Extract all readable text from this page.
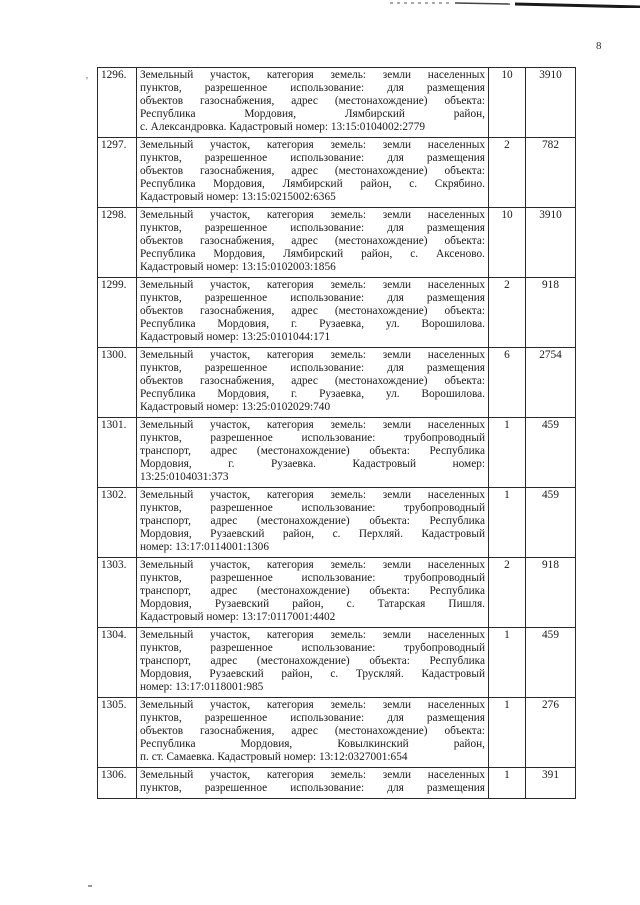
8
' 1296.	Земельный участок, категория земель: земли населенных
пунктов, разрешенное использование: для размещения
объектов газоснабжения, адрес (местонахождение) объекта:
Республика Мордовия, Лямбирский район,
с. Александровка. Кадастровый номер: 13:15:0104002:2779	10	3910
1297.	Земельный участок, категория земель: земли населенных
пунктов, разрешенное использование: для размещения
объектов газоснабжения, адрес (местонахождение) объекта:
Республика Мордовия, Лямбирский район, с. Скрябино.
Кадастровый номер: 13:15:0215002:6365	2	782
1298.	Земельный участок, категория земель: земли населенных
пунктов, разрешенное использование: для размещения
объектов газоснабжения, адрес (местонахождение) объекта:
Республика Мордовия, Лямбирский район, с. Аксеново.
Кадастровый номер: 13:15:0102003:1856	10	3910
1299.	Земельный участок, категория земель: земли населенных
пунктов, разрешенное использование: для размещения
объектов газоснабжения, адрес (местонахождение) объекта:
Республика Мордовия, г. Рузаевка, ул. Ворошилова.
Кадастровый номер: 13:25:0101044:171	2	918
1300.	Земельный участок, категория земель: земли населенных
пунктов, разрешенное использование: для размещения
объектов газоснабжения, адрес (местонахождение) объекта:
Республика Мордовия, г. Рузаевка, ул. Ворошилова.
Кадастровый номер: 13:25:0102029:740	6	2754
1301.	Земельный участок, категория земель: земли населенных
пунктов, разрешенное использование: трубопроводный
транспорт, адрес (местонахождение) объекта: Республика
Мордовия, г. Рузаевка. Кадастровый номер:
13:25:0104031:373	1	459
1302.	Земельный участок, категория земель: земли населенных
пунктов, разрешенное использование: трубопроводный
транспорт, адрес (местонахождение) объекта: Республика
Мордовия, Рузаевский район, с. Перхляй. Кадастровый
номер: 13:17:0114001:1306	1	459
1303.	Земельный участок, категория земель: земли населенных
пунктов, разрешенное использование: трубопроводный
транспорт, адрес (местонахождение) объекта: Республика
Мордовия, Рузаевский район, с. Татарская Пишля.
Кадастровый номер: 13:17:0117001:4402	2	918
1304.	Земельный участок, категория земель: земли населенных
пунктов, разрешенное использование: трубопроводный
транспорт, адрес (местонахождение) объекта: Республика
Мордовия, Рузаевский район, с. Трускляй. Кадастровый
номер: 13:17:0118001:985	1	459
1305.	Земельный участок, категория земель: земли населенных
пунктов, разрешенное использование: для размещения
объектов газоснабжения, адрес (местонахождение) объекта:
Республика Мордовия, Ковылкинский район,
п. ст. Самаевка. Кадастровый номер: 13:12:0327001:654	1	276
1306.	Земельный участок, категория земель: земли населенных
пунктов, разрешенное использование: для размещения	1	391
